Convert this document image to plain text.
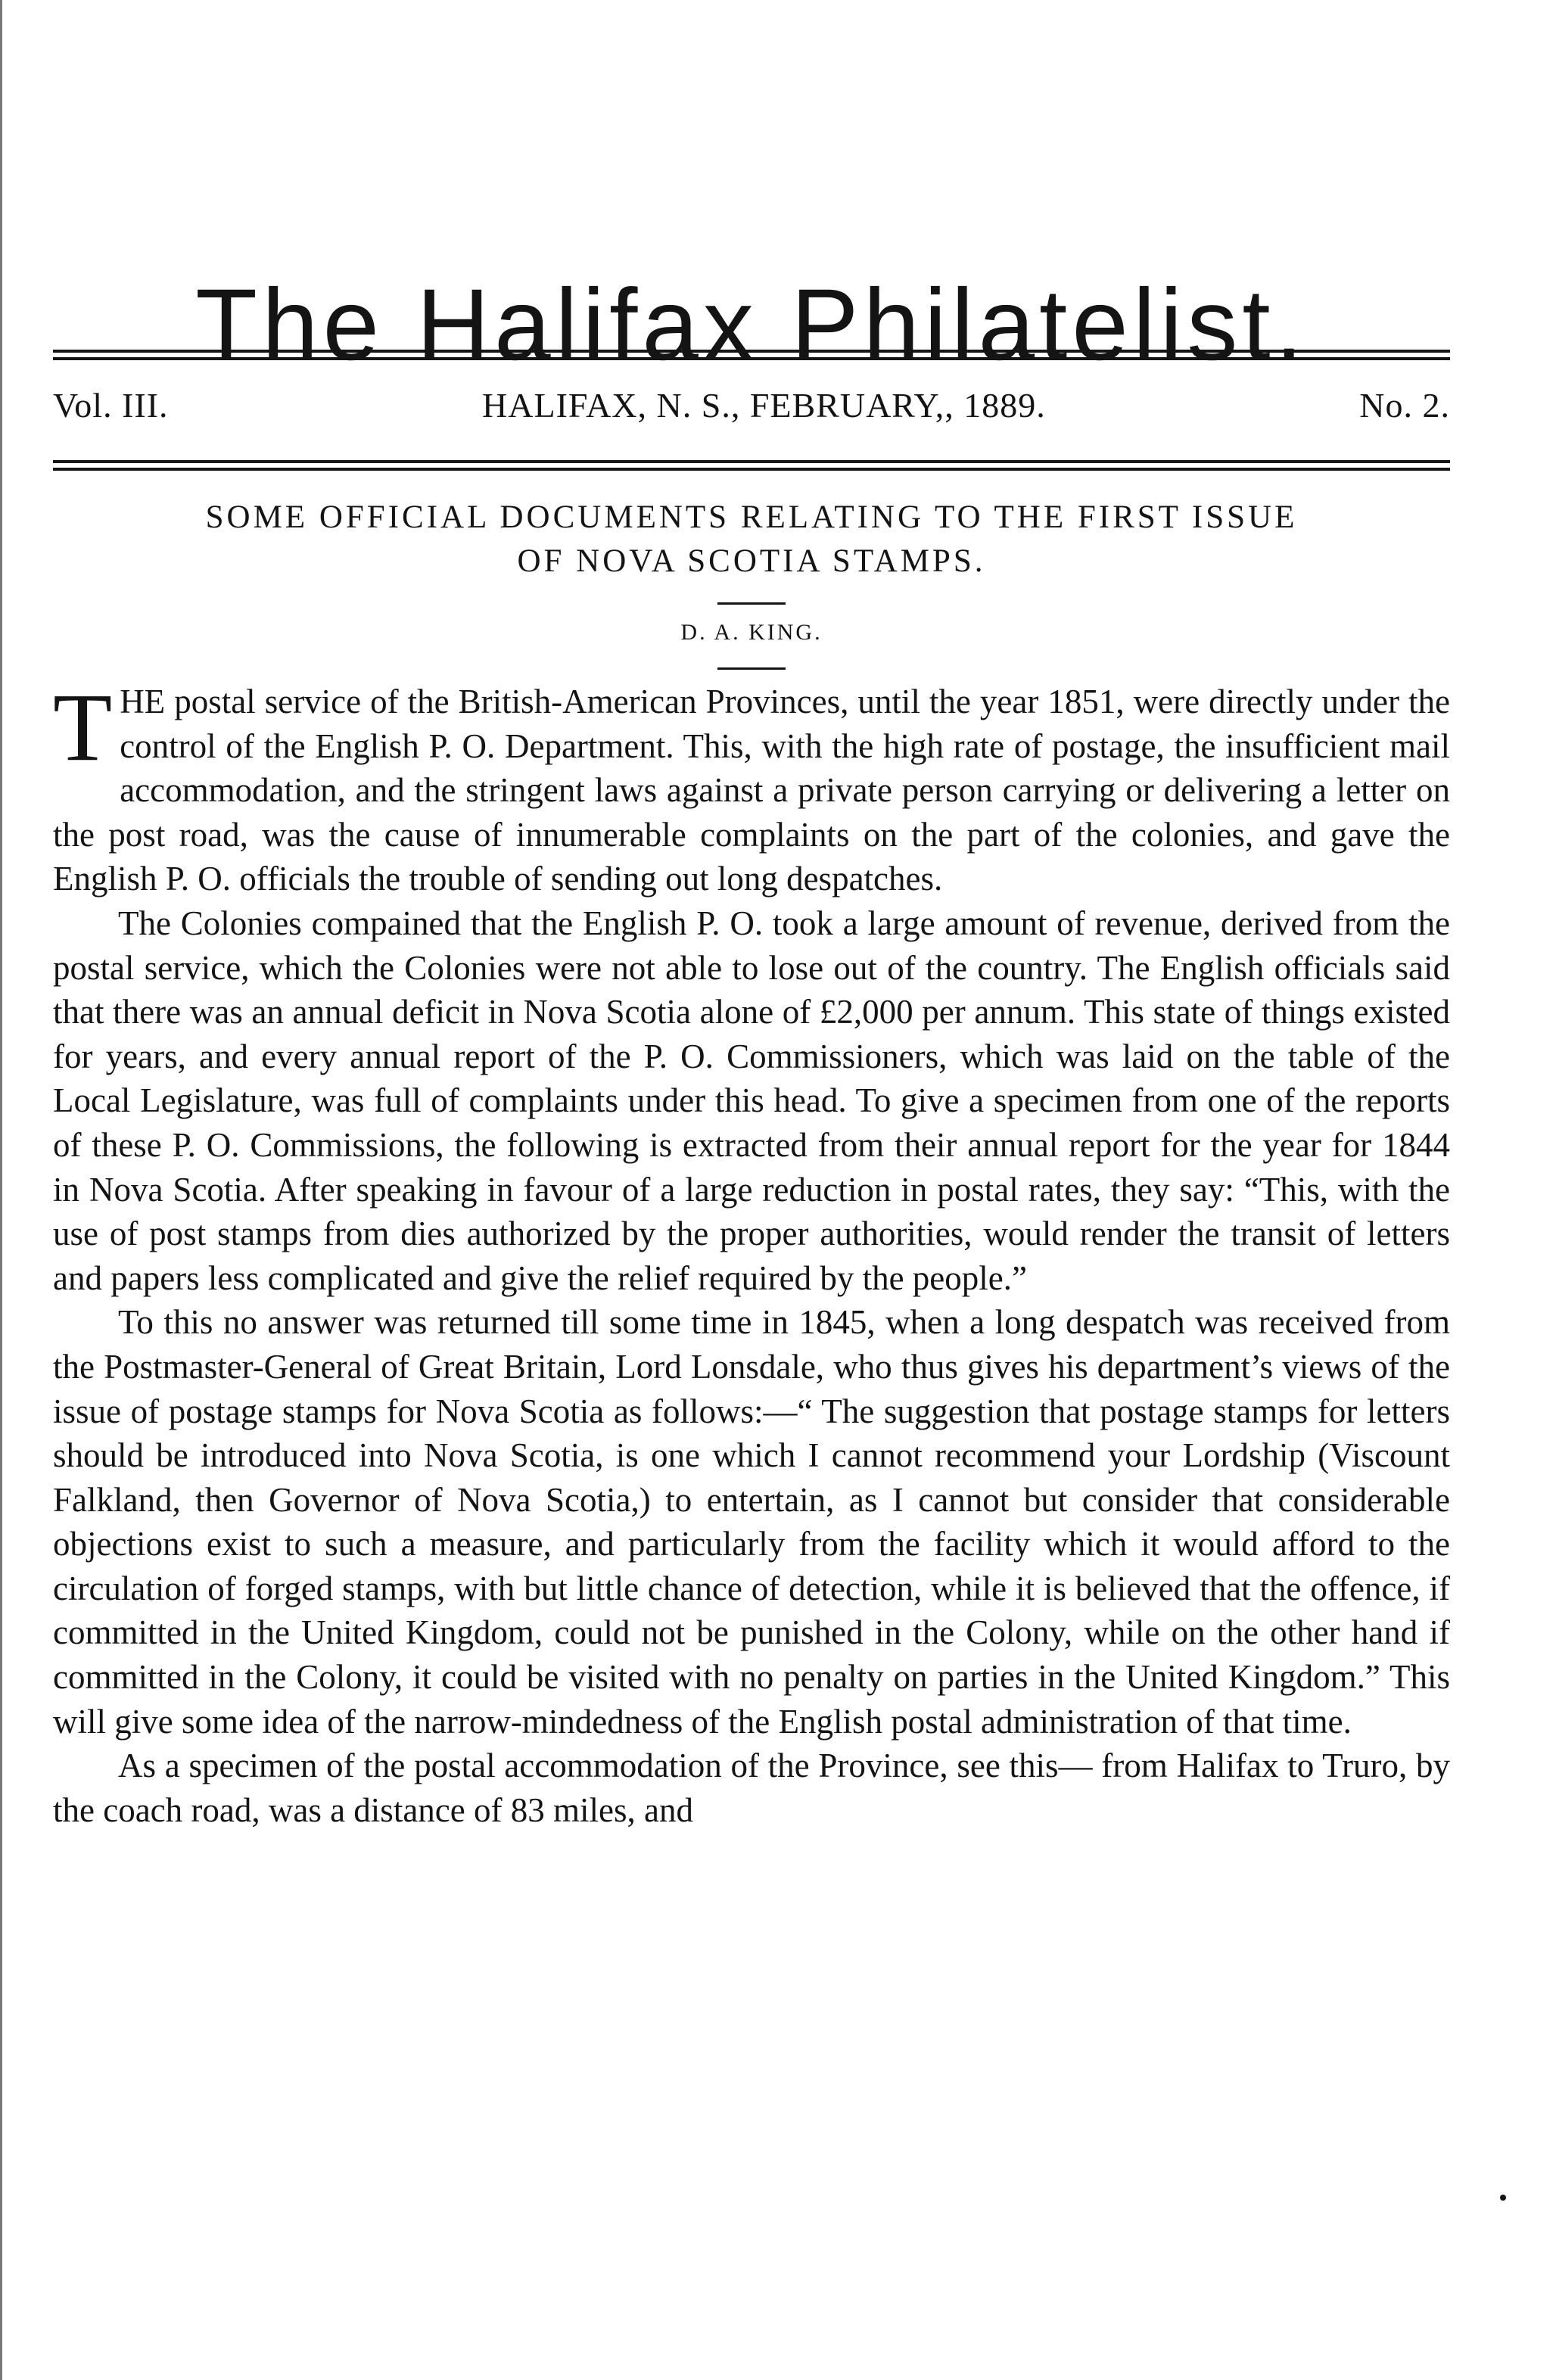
The Halifax Philatelist.
Vol. III.	HALIFAX, N. S., FEBRUARY,, 1889.	No. 2.
SOME OFFICIAL DOCUMENTS RELATING TO THE FIRST ISSUE
OF NOVA SCOTIA STAMPS.
D. A. KING.

THE postal service of the British-American Provinces, until the year 1851, were directly under the control of the English P. O. Department. This, with the high rate of postage, the insufficient mail accommodation, and the stringent laws against a private person carrying or delivering a letter on the post road, was the cause of innumerable complaints on the part of the colonies, and gave the English P. O. officials the trouble of sending out long despatches.

The Colonies compained that the English P. O. took a large amount of revenue, derived from the postal service, which the Colonies were not able to lose out of the country. The English officials said that there was an annual deficit in Nova Scotia alone of £2,000 per annum. This state of things existed for years, and every annual report of the P. O. Commissioners, which was laid on the table of the Local Legislature, was full of complaints under this head. To give a specimen from one of the reports of these P. O. Commissions, the following is extracted from their annual report for the year for 1844 in Nova Scotia. After speaking in favour of a large reduction in postal rates, they say: “This, with the use of post stamps from dies authorized by the proper authorities, would render the transit of letters and papers less complicated and give the relief required by the people.”

To this no answer was returned till some time in 1845, when a long despatch was received from the Postmaster-General of Great Britain, Lord Lonsdale, who thus gives his department’s views of the issue of postage stamps for Nova Scotia as follows:—“ The suggestion that postage stamps for letters should be introduced into Nova Scotia, is one which I cannot recommend your Lordship (Viscount Falkland, then Governor of Nova Scotia,) to entertain, as I cannot but consider that considerable objections exist to such a measure, and particularly from the facility which it would afford to the circulation of forged stamps, with but little chance of detection, while it is believed that the offence, if committed in the United Kingdom, could not be punished in the Colony, while on the other hand if committed in the Colony, it could be visited with no penalty on parties in the United Kingdom.” This will give some idea of the narrow-mindedness of the English postal administration of that time.

As a specimen of the postal accommodation of the Province, see this— from Halifax to Truro, by the coach road, was a distance of 83 miles, and
